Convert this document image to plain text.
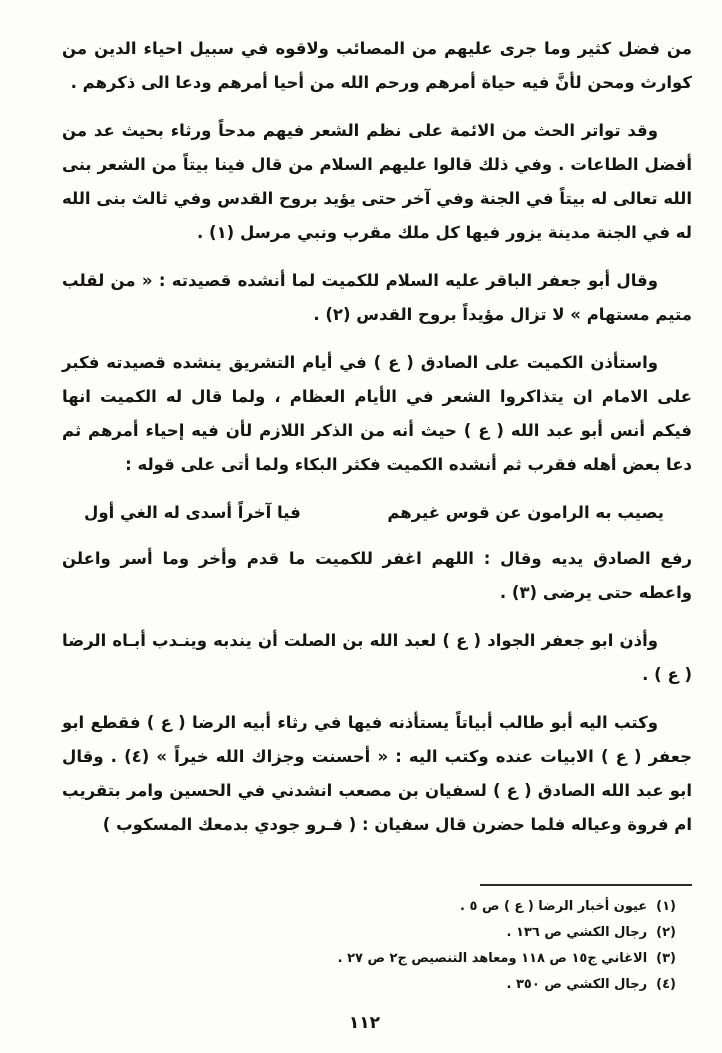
من فضل كثير وما جرى عليهم من المصائب ولاقوه في سبيل احياء الدين من كوارث ومحن لأنَّ فيه حياة أمرهم ورحم الله من أحيا أمرهم ودعا الى ذكرهم .

وقد تواتر الحث من الائمة على نظم الشعر فيهم مدحاً ورثاء بحيث عد من أفضل الطاعات . وفي ذلك قالوا عليهم السلام من قال فينا بيتاً من الشعر بنى الله تعالى له بيتاً في الجنة وفي آخر حتى يؤيد بروح القدس وفي ثالث بنى الله له في الجنة مدينة يزور فيها كل ملك مقرب ونبي مرسل (١) .

وقال أبو جعفر الباقر عليه السلام للكميت لما أنشده قصيدته : « من لقلب متيم مستهام » لا تزال مؤيداً بروح القدس (٢) .

واستأذن الكميت على الصادق ( ع ) في أيام التشريق ينشده قصيدته فكبر على الامام ان يتذاكروا الشعر في الأيام العظام ، ولما قال له الكميت انها فيكم أنس أبو عبد الله ( ع ) حيث أنه من الذكر اللازم لأن فيه إحياء أمرهم ثم دعا بعض أهله فقرب ثم أنشده الكميت فكثر البكاء ولما أتى على قوله :

يصيب به الرامون عن قوس غيرهم
فيا آخراً أسدى له الغي أول

رفع الصادق يديه وقال : اللهم اغفر للكميت ما قدم وأخر وما أسر واعلن واعطه حتى يرضى (٣) .

وأذن ابو جعفر الجواد ( ع ) لعبد الله بن الصلت أن يندبه وينـدب أبـاه الرضا ( ع ) .

وكتب اليه أبو طالب أبياتاً يستأذنه فيها في رثاء أبيه الرضا ( ع ) فقطع ابو جعفر ( ع ) الابيات عنده وكتب اليه : « أحسنت وجزاك الله خيراً » (٤) . وقال ابو عبد الله الصادق ( ع ) لسفيان بن مصعب انشدني في الحسين وامر بتقريب ام فروة وعياله فلما حضرن قال سفيان : ( فـرو جودي بدمعك المسكوب )

(١)
عيون أخبار الرضا ( ع ) ص ٥ .
(٢)
رجال الكشي ص ١٣٦ .
(٣)
الاغاني ج١٥ ص ١١٨ ومعاهد التنصيص ج٢ ص ٢٧ .
(٤)
رجال الكشي ص ٣٥٠ .
١١٢
